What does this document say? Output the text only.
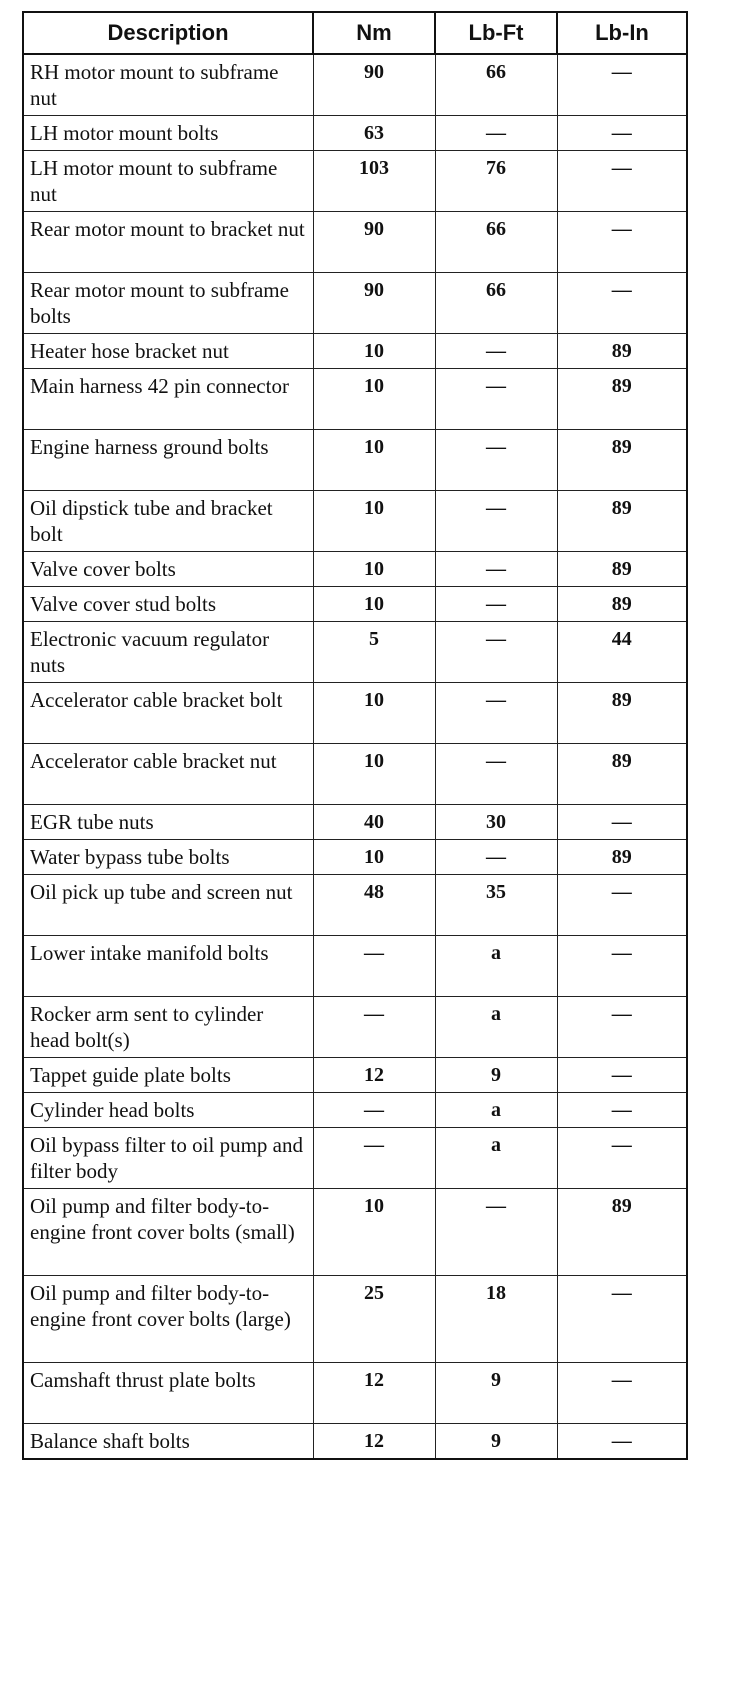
Description	Nm	Lb-Ft	Lb-In
RH motor mount to subframe nut	90	66	—
LH motor mount bolts	63	—	—
LH motor mount to subframe nut	103	76	—
Rear motor mount to bracket nut	90	66	—
Rear motor mount to subframe bolts	90	66	—
Heater hose bracket nut	10	—	89
Main harness 42 pin connector	10	—	89
Engine harness ground bolts	10	—	89
Oil dipstick tube and bracket bolt	10	—	89
Valve cover bolts	10	—	89
Valve cover stud bolts	10	—	89
Electronic vacuum regulator nuts	5	—	44
Accelerator cable bracket bolt	10	—	89
Accelerator cable bracket nut	10	—	89
EGR tube nuts	40	30	—
Water bypass tube bolts	10	—	89
Oil pick up tube and screen nut	48	35	—
Lower intake manifold bolts	—	a	—
Rocker arm sent to cylinder head bolt(s)	—	a	—
Tappet guide plate bolts	12	9	—
Cylinder head bolts	—	a	—
Oil bypass filter to oil pump and filter body	—	a	—
Oil pump and filter body-to-engine front cover bolts (small)	10	—	89
Oil pump and filter body-to-engine front cover bolts (large)	25	18	—
Camshaft thrust plate bolts	12	9	—
Balance shaft bolts	12	9	—
